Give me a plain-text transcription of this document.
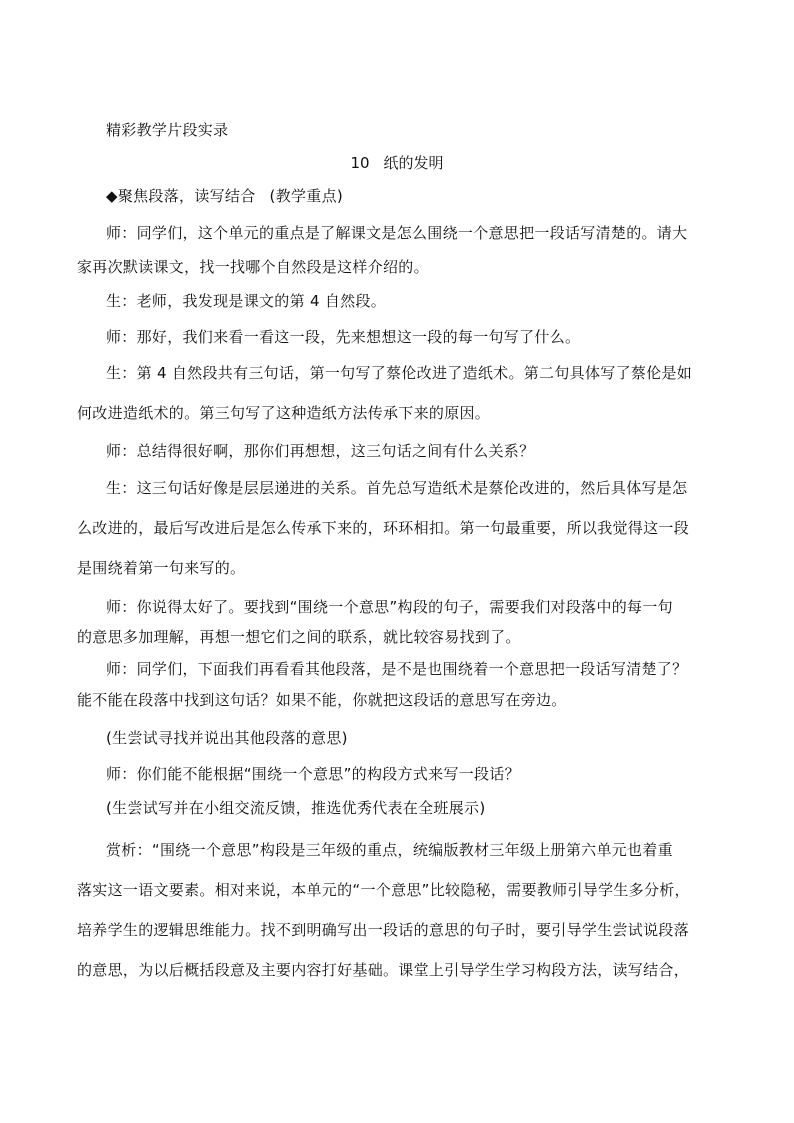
精彩教学片段实录
10 纸的发明
◆聚焦段落，读写结合 (教学重点)
师：同学们，这个单元的重点是了解课文是怎么围绕一个意思把一段话写清楚的。请大
家再次默读课文，找一找哪个自然段是这样介绍的。
生：老师，我发现是课文的第 4 自然段。
师：那好，我们来看一看这一段，先来想想这一段的每一句写了什么。
生：第 4 自然段共有三句话，第一句写了蔡伦改进了造纸术。第二句具体写了蔡伦是如
何改进造纸术的。第三句写了这种造纸方法传承下来的原因。
师：总结得很好啊，那你们再想想，这三句话之间有什么关系？
生：这三句话好像是层层递进的关系。首先总写造纸术是蔡伦改进的，然后具体写是怎
么改进的，最后写改进后是怎么传承下来的，环环相扣。第一句最重要，所以我觉得这一段
是围绕着第一句来写的。
师：你说得太好了。要找到“围绕一个意思”构段的句子，需要我们对段落中的每一句
的意思多加理解，再想一想它们之间的联系，就比较容易找到了。
师：同学们，下面我们再看看其他段落，是不是也围绕着一个意思把一段话写清楚了？
能不能在段落中找到这句话？如果不能，你就把这段话的意思写在旁边。
(生尝试寻找并说出其他段落的意思)
师：你们能不能根据“围绕一个意思”的构段方式来写一段话？
(生尝试写并在小组交流反馈，推选优秀代表在全班展示)
赏析：“围绕一个意思”构段是三年级的重点，统编版教材三年级上册第六单元也着重
落实这一语文要素。相对来说，本单元的“一个意思”比较隐秘，需要教师引导学生多分析，
培养学生的逻辑思维能力。找不到明确写出一段话的意思的句子时，要引导学生尝试说段落
的意思，为以后概括段意及主要内容打好基础。课堂上引导学生学习构段方法，读写结合，
